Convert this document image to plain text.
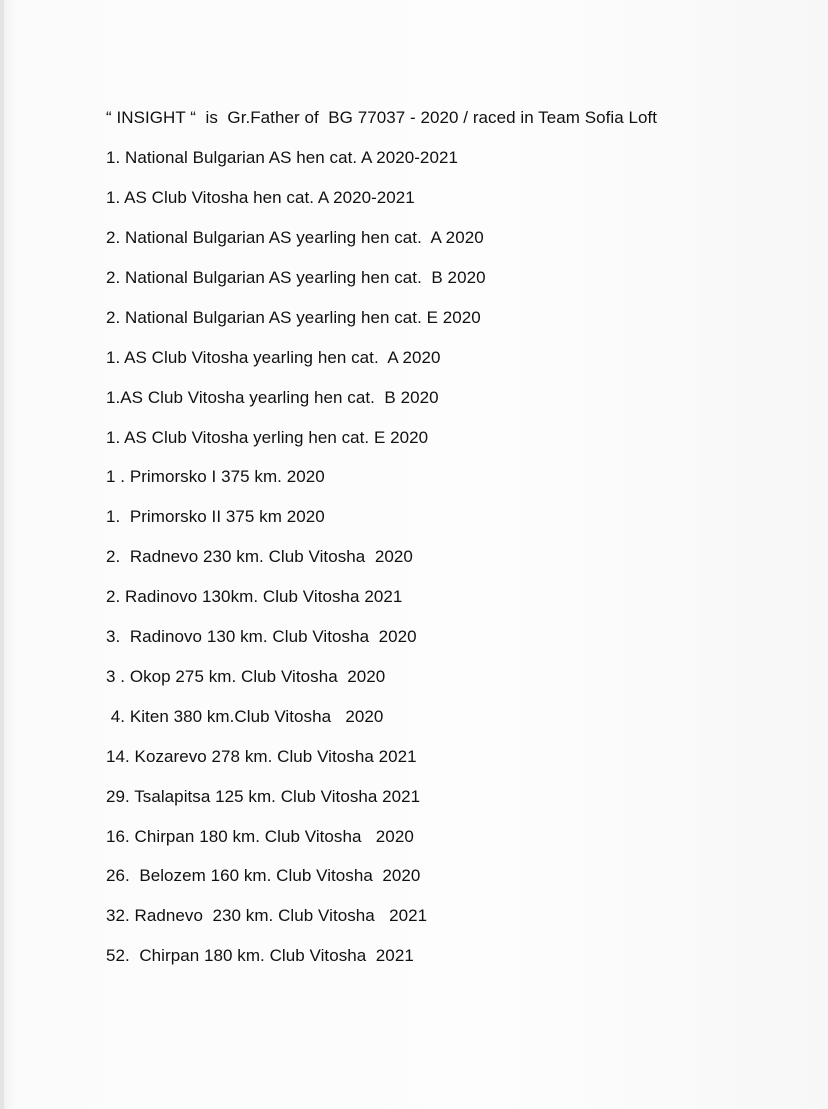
“ INSIGHT “  is  Gr.Father of  BG 77037 - 2020 / raced in Team Sofia Loft

1. National Bulgarian AS hen cat. A 2020-2021

1. AS Club Vitosha hen cat. A 2020-2021

2. National Bulgarian AS yearling hen cat.  A 2020

2. National Bulgarian AS yearling hen cat.  B 2020

2. National Bulgarian AS yearling hen cat. E 2020

1. AS Club Vitosha yearling hen cat.  A 2020

1.AS Club Vitosha yearling hen cat.  B 2020

1. AS Club Vitosha yerling hen cat. E 2020

1 . Primorsko I 375 km. 2020

1.  Primorsko II 375 km 2020

2.  Radnevo 230 km. Club Vitosha  2020

2. Radinovo 130km. Club Vitosha 2021

3.  Radinovo 130 km. Club Vitosha  2020

3 . Okop 275 km. Club Vitosha  2020

4. Kiten 380 km.Club Vitosha   2020

14. Kozarevo 278 km. Club Vitosha 2021

29. Tsalapitsa 125 km. Club Vitosha 2021

16. Chirpan 180 km. Club Vitosha   2020

26.  Belozem 160 km. Club Vitosha  2020

32. Radnevo  230 km. Club Vitosha   2021

52.  Chirpan 180 km. Club Vitosha  2021
